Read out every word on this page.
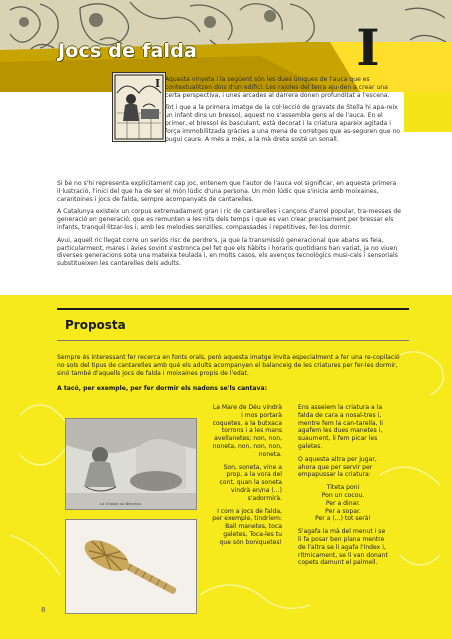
Jocs de falda	I
I Aquesta vinyeta i la següent són les dues úniques de l'auca que es contextualitzen dins d'un edifici. Les rajoles del terra aju-den a crear una certa perspectiva, i unes arcades al darrera donen profunditat a l'escena.

Tot i que a la primera imatge de la col·lecció de gravats de Stella hi apa-reix un infant dins un bressol, aquest no s'assembla gens al de l'auca. En el primer, el bressol és basculant, està decorat i la criatura apareix agitada i força immobilitzada gràcies a una mena de corretges que as-seguren que no pugui caure. A més a més, a la mà dreta sosté un sonall.

Si bé no s'hi representa explícitament cap joc, entenem que l'autor de l'auca vol significar, en aquesta primera il·lustració, l'inici del que ha de ser el món lúdic d'una persona. Un món lúdic que s'inicia amb moixaines, carantoines i jocs de falda, sempre acompanyats de cantarelles.

A Catalunya existeix un corpus extremadament gran i ric de cantarelles i cançons d'arrel popular, tra-messes de generació en generació, que es remunten a les nits dels temps i que es van crear precisament per bressar els infants, tranquil·litzar-los i, amb les melodies senzilles, compassades i repetitives, fer-los dormir.

Avui, aquell ric llegat corre un seriós risc de perdre's, ja que la transmissió generacional que abans es feia, particularment, mares i àvies sovint s'estronca pel fet que els hàbits i horaris quotidians han variat, ja no viuen diverses generacions sota una mateixa teulada i, en molts casos, els avenços tecnològics musi-cals i sensorials substitueixen les cantarelles dels adults.

Proposta
Sempre és interessant fer recerca en fonts orals, però aquesta imatge invita especialment a fer una re-copilació no sols del tipus de cantarelles amb què els adults acompanyen el balanceig de les criatures per fer-les dormir, sinó també d'aquells jocs de falda i moixaines propis de l'edat.
A tacó, per exemple, per fer dormir els nadons se'ls cantava:
La Chaise ou Berceau

La Mare de Déu vindrà i mos portarà coquetes, a la butxaca torrons i a les mans avellanetes; non, non, noneta, non, non, non, noneta.

Son, soneta, vine a prop, a la vora del cont, quan la soneta vindrà en/na (...) s'adormirà.

I com a jocs de falda, per exemple, tindríem: Ball manetes, toca galetes, Toca-les tu que són boniquetes!

Ens asseiem la criatura a la falda de cara a nosal-tres i, mentre fem la can-tarella, li agafem les dues manetes i, suaument, li fem picar les galetes.

O aquesta altra per jugar, ahora que per servir per empapussar la criatura:

Titeta poni
Pon un cocou.
Per a dinar.
Per a sopar.
Per a (...) tot serà!

S'agafa la mà del menut i se li fa posar ben plana mentre de l'altra se li agafa l'índex i, rítmicament, se li van donant copets damunt el palmell.

8
